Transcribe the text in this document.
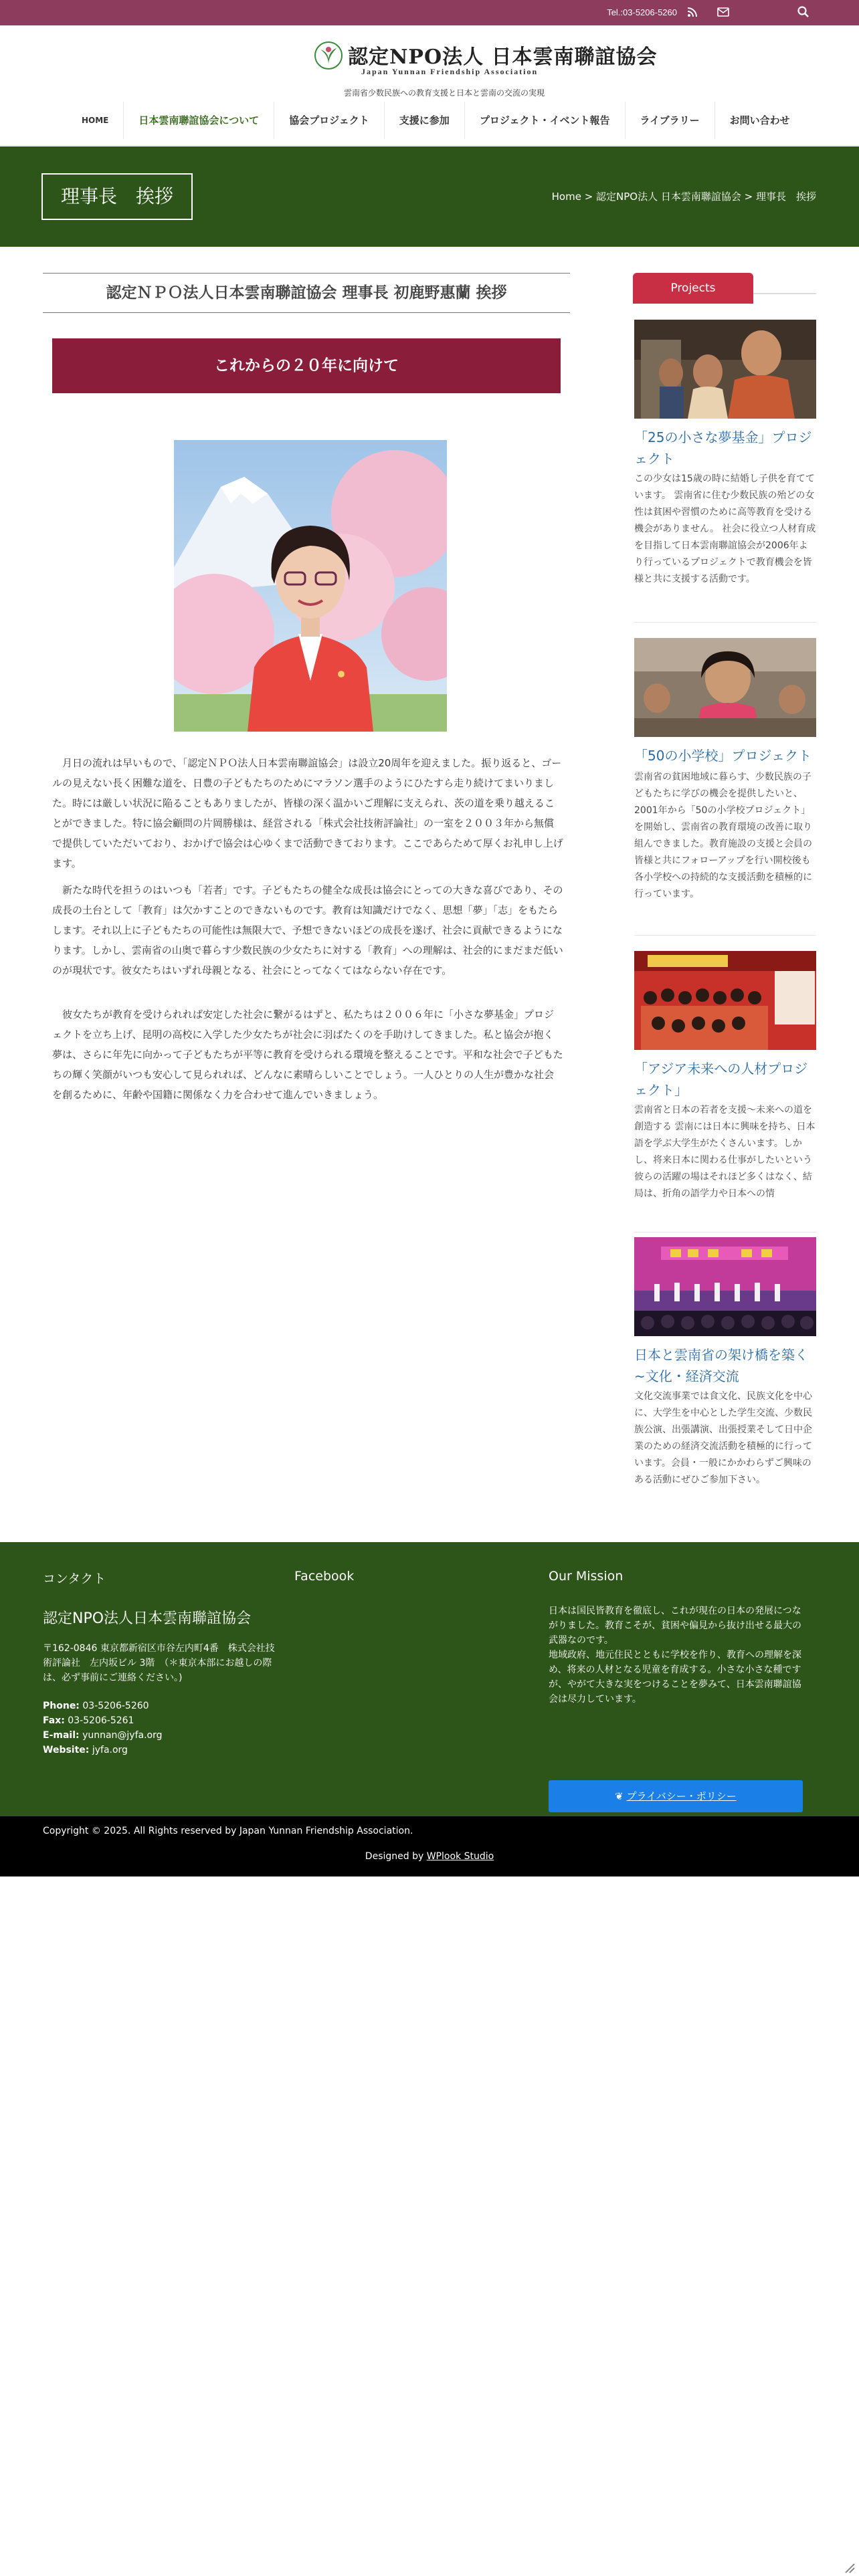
Tel.:03-5206-5260
認定NPO法人 日本雲南聯誼協会
Japan Yunnan Friendship Association
雲南省少数民族への教育支援と日本と雲南の交流の実現
HOME	日本雲南聯誼協会について	協会プロジェクト	支援に参加	プロジェクト・イベント報告	ライブラリー	お問い合わせ
理事長　挨拶	Home > 認定NPO法人 日本雲南聯誼協会 > 理事長　挨拶
認定ＮＰＯ法人日本雲南聯誼協会 理事長 初鹿野惠蘭 挨拶
これからの２０年に向けて

　月日の流れは早いもので、「認定ＮＰＯ法人日本雲南聯誼協会」は設立20周年を迎えました。振り返ると、ゴールの見えない長く困難な道を、日豊の子どもたちのためにマラソン選手のようにひたすら走り続けてまいりました。時には厳しい状況に陥ることもありましたが、皆様の深く温かいご理解に支えられ、茨の道を乗り越えることができました。特に協会顧問の片岡勝様は、経営される「株式会社技術評論社」の一室を２００３年から無償で提供していただいており、おかげで協会は心ゆくまで活動できております。ここであらためて厚くお礼申し上げます。

　新たな時代を担うのはいつも「若者」です。子どもたちの健全な成長は協会にとっての大きな喜びであり、その成長の土台として「教育」は欠かすことのできないものです。教育は知識だけでなく、思想「夢」「志」をもたらします。それ以上に子どもたちの可能性は無限大で、予想できないほどの成長を遂げ、社会に貢献できるようになります。しかし、雲南省の山奥で暮らす少数民族の少女たちに対する「教育」への理解は、社会的にまだまだ低いのが現状です。彼女たちはいずれ母親となる、社会にとってなくてはならない存在です。

　彼女たちが教育を受けられれば安定した社会に繋がるはずと、私たちは２００６年に「小さな夢基金」プロジェクトを立ち上げ、昆明の高校に入学した少女たちが社会に羽ばたくのを手助けしてきました。私と協会が抱く夢は、さらに年先に向かって子どもたちが平等に教育を受けられる環境を整えることです。平和な社会で子どもたちの輝く笑顔がいつも安心して見られれば、どんなに素晴らしいことでしょう。一人ひとりの人生が豊かな社会を創るために、年齢や国籍に関係なく力を合わせて進んでいきましょう。

Projects
「25の小さな夢基金」プロジェクト
この少女は15歳の時に結婚し子供を育てています。 雲南省に住む少数民族の殆どの女性は貧困や習慣のために高等教育を受ける機会がありません。 社会に役立つ人材育成を目指して日本雲南聯誼協会が2006年より行っているプロジェクトで教育機会を皆様と共に支援する活動です。
「50の小学校」プロジェクト
雲南省の貧困地域に暮らす、少数民族の子どもたちに学びの機会を提供したいと、2001年から「50の小学校プロジェクト」を開始し、雲南省の教育環境の改善に取り組んできました。教育施設の支援と会員の皆様と共にフォローアップを行い開校後も各小学校への持続的な支援活動を積極的に行っています。
「アジア未来への人材プロジェクト」
雲南省と日本の若者を支援〜未来への道を創造する 雲南には日本に興味を持ち、日本語を学ぶ大学生がたくさんいます。しかし、将来日本に関わる仕事がしたいという彼らの活躍の場はそれほど多くはなく、結局は、折角の語学力や日本への情
日本と雲南省の架け橋を築く~文化・経済交流
文化交流事業では食文化、民族文化を中心に、大学生を中心とした学生交流、少数民族公演、出張講演、出張授業そして日中企業のための経済交流活動を積極的に行っています。会員・一般にかかわらずご興味のある活動にぜひご参加下さい。
コンタクト
認定NPO法人日本雲南聯誼協会
〒162-0846 東京都新宿区市谷左内町4番　株式会社技術評論社　左内坂ビル 3階　（＊東京本部にお越しの際は、必ず事前にご連絡ください。)
Phone: 03-5206-5260
Fax: 03-5206-5261
E-mail: yunnan@jyfa.org
Website: jyfa.org
Facebook	Our Mission
日本は国民皆教育を徹底し、これが現在の日本の発展につながりました。教育こそが、貧困や偏見から抜け出せる最大の武器なのです。
地域政府、地元住民とともに学校を作り、教育への理解を深め、将来の人材となる児童を育成する。小さな小さな種ですが、やがて大きな実をつけることを夢みて、日本雲南聯誼協会は尽力しています。
❦ プライバシー・ポリシー
Copyright © 2025. All Rights reserved by Japan Yunnan Friendship Association.
Designed by WPlook Studio
